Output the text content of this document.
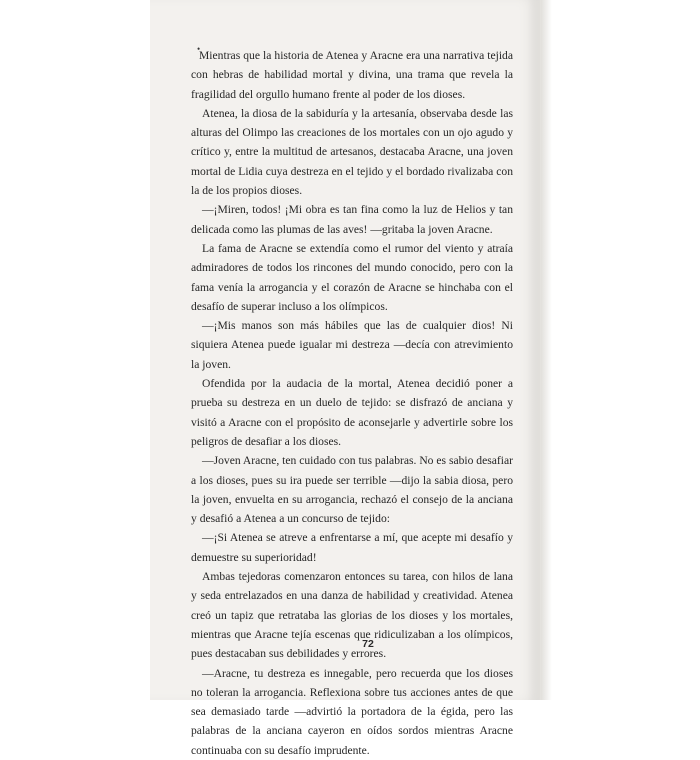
•

Mientras que la historia de Atenea y Aracne era una narrativa tejida con hebras de habilidad mortal y divina, una trama que revela la fragilidad del orgullo humano frente al poder de los dioses.

Atenea, la diosa de la sabiduría y la artesanía, observaba desde las alturas del Olimpo las creaciones de los mortales con un ojo agudo y crítico y, entre la multitud de artesanos, destacaba Aracne, una joven mortal de Lidia cuya destreza en el tejido y el bordado rivalizaba con la de los propios dioses.

—¡Miren, todos! ¡Mi obra es tan fina como la luz de Helios y tan delicada como las plumas de las aves! —gritaba la joven Aracne.

La fama de Aracne se extendía como el rumor del viento y atraía admiradores de todos los rincones del mundo conocido, pero con la fama venía la arrogancia y el corazón de Aracne se hinchaba con el desafío de superar incluso a los olímpicos.

—¡Mis manos son más hábiles que las de cualquier dios! Ni siquiera Atenea puede igualar mi destreza —decía con atrevimiento la joven.

Ofendida por la audacia de la mortal, Atenea decidió poner a prueba su destreza en un duelo de tejido: se disfrazó de anciana y visitó a Aracne con el propósito de aconsejarle y advertirle sobre los peligros de desafiar a los dioses.

—Joven Aracne, ten cuidado con tus palabras. No es sabio desafiar a los dioses, pues su ira puede ser terrible —dijo la sabia diosa, pero la joven, envuelta en su arrogancia, rechazó el consejo de la anciana y desafió a Atenea a un concurso de tejido:

—¡Si Atenea se atreve a enfrentarse a mí, que acepte mi desafío y demuestre su superioridad!

Ambas tejedoras comenzaron entonces su tarea, con hilos de lana y seda entrelazados en una danza de habilidad y creatividad. Atenea creó un tapiz que retrataba las glorias de los dioses y los mortales, mientras que Aracne tejía escenas que ridiculizaban a los olímpicos, pues destacaban sus debilidades y errores.

—Aracne, tu destreza es innegable, pero recuerda que los dioses no toleran la arrogancia. Reflexiona sobre tus acciones antes de que sea demasiado tarde —advirtió la portadora de la égida, pero las palabras de la anciana cayeron en oídos sordos mientras Aracne continuaba con su desafío imprudente.

72
